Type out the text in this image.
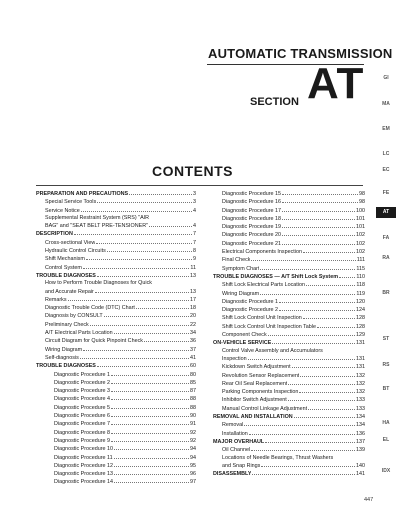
AUTOMATIC TRANSMISSION
SECTION AT
CONTENTS
PREPARATION AND PRECAUTIONS	3
Special Service Tools	3
Service Notice	4
Supplemental Restraint System (SRS) "AIR
BAG" and "SEAT BELT PRE-TENSIONER"	4
DESCRIPTION	7
Cross-sectional View	7
Hydraulic Control Circuits	8
Shift Mechanism	9
Control System	11
TROUBLE DIAGNOSES	13
How to Perform Trouble Diagnoses for Quick
and Accurate Repair	13
Remarks	17
Diagnostic Trouble Code (DTC) Chart	18
Diagnosis by CONSULT	20
Preliminary Check	22
A/T Electrical Parts Location	34
Circuit Diagram for Quick Pinpoint Check	36
Wiring Diagram	37
Self-diagnosis	41
TROUBLE DIAGNOSES	60
Diagnostic Procedure 1	80
Diagnostic Procedure 2	85
Diagnostic Procedure 3	87
Diagnostic Procedure 4	88
Diagnostic Procedure 5	88
Diagnostic Procedure 6	90
Diagnostic Procedure 7	91
Diagnostic Procedure 8	92
Diagnostic Procedure 9	92
Diagnostic Procedure 10	94
Diagnostic Procedure 11	94
Diagnostic Procedure 12	95
Diagnostic Procedure 13	96
Diagnostic Procedure 14	97
Diagnostic Procedure 15	98
Diagnostic Procedure 16	98
Diagnostic Procedure 17	100
Diagnostic Procedure 18	101
Diagnostic Procedure 19	101
Diagnostic Procedure 20	102
Diagnostic Procedure 21	102
Electrical Components Inspection	102
Final Check	111
Symptom Chart	115
TROUBLE DIAGNOSES — A/T Shift Lock System	110
Shift Lock Electrical Parts Location	118
Wiring Diagram	119
Diagnostic Procedure 1	120
Diagnostic Procedure 2	124
Shift Lock Control Unit Inspection	128
Shift Lock Control Unit Inspection Table	128
Component Check	129
ON-VEHICLE SERVICE	131
Control Valve Assembly and Accumulators
Inspection	131
Kickdown Switch Adjustment	131
Revolution Sensor Replacement	132
Rear Oil Seal Replacement	132
Parking Components Inspection	132
Inhibitor Switch Adjustment	133
Manual Control Linkage Adjustment	133
REMOVAL AND INSTALLATION	134
Removal	134
Installation	136
MAJOR OVERHAUL	137
Oil Channel	139
Locations of Needle Bearings, Thrust Washers
and Snap Rings	140
DISASSEMBLY	141
GI
MA
EM
LC
EC
FE
AT
FA
RA
BR
ST
RS
BT
HA
EL
IDX
447
